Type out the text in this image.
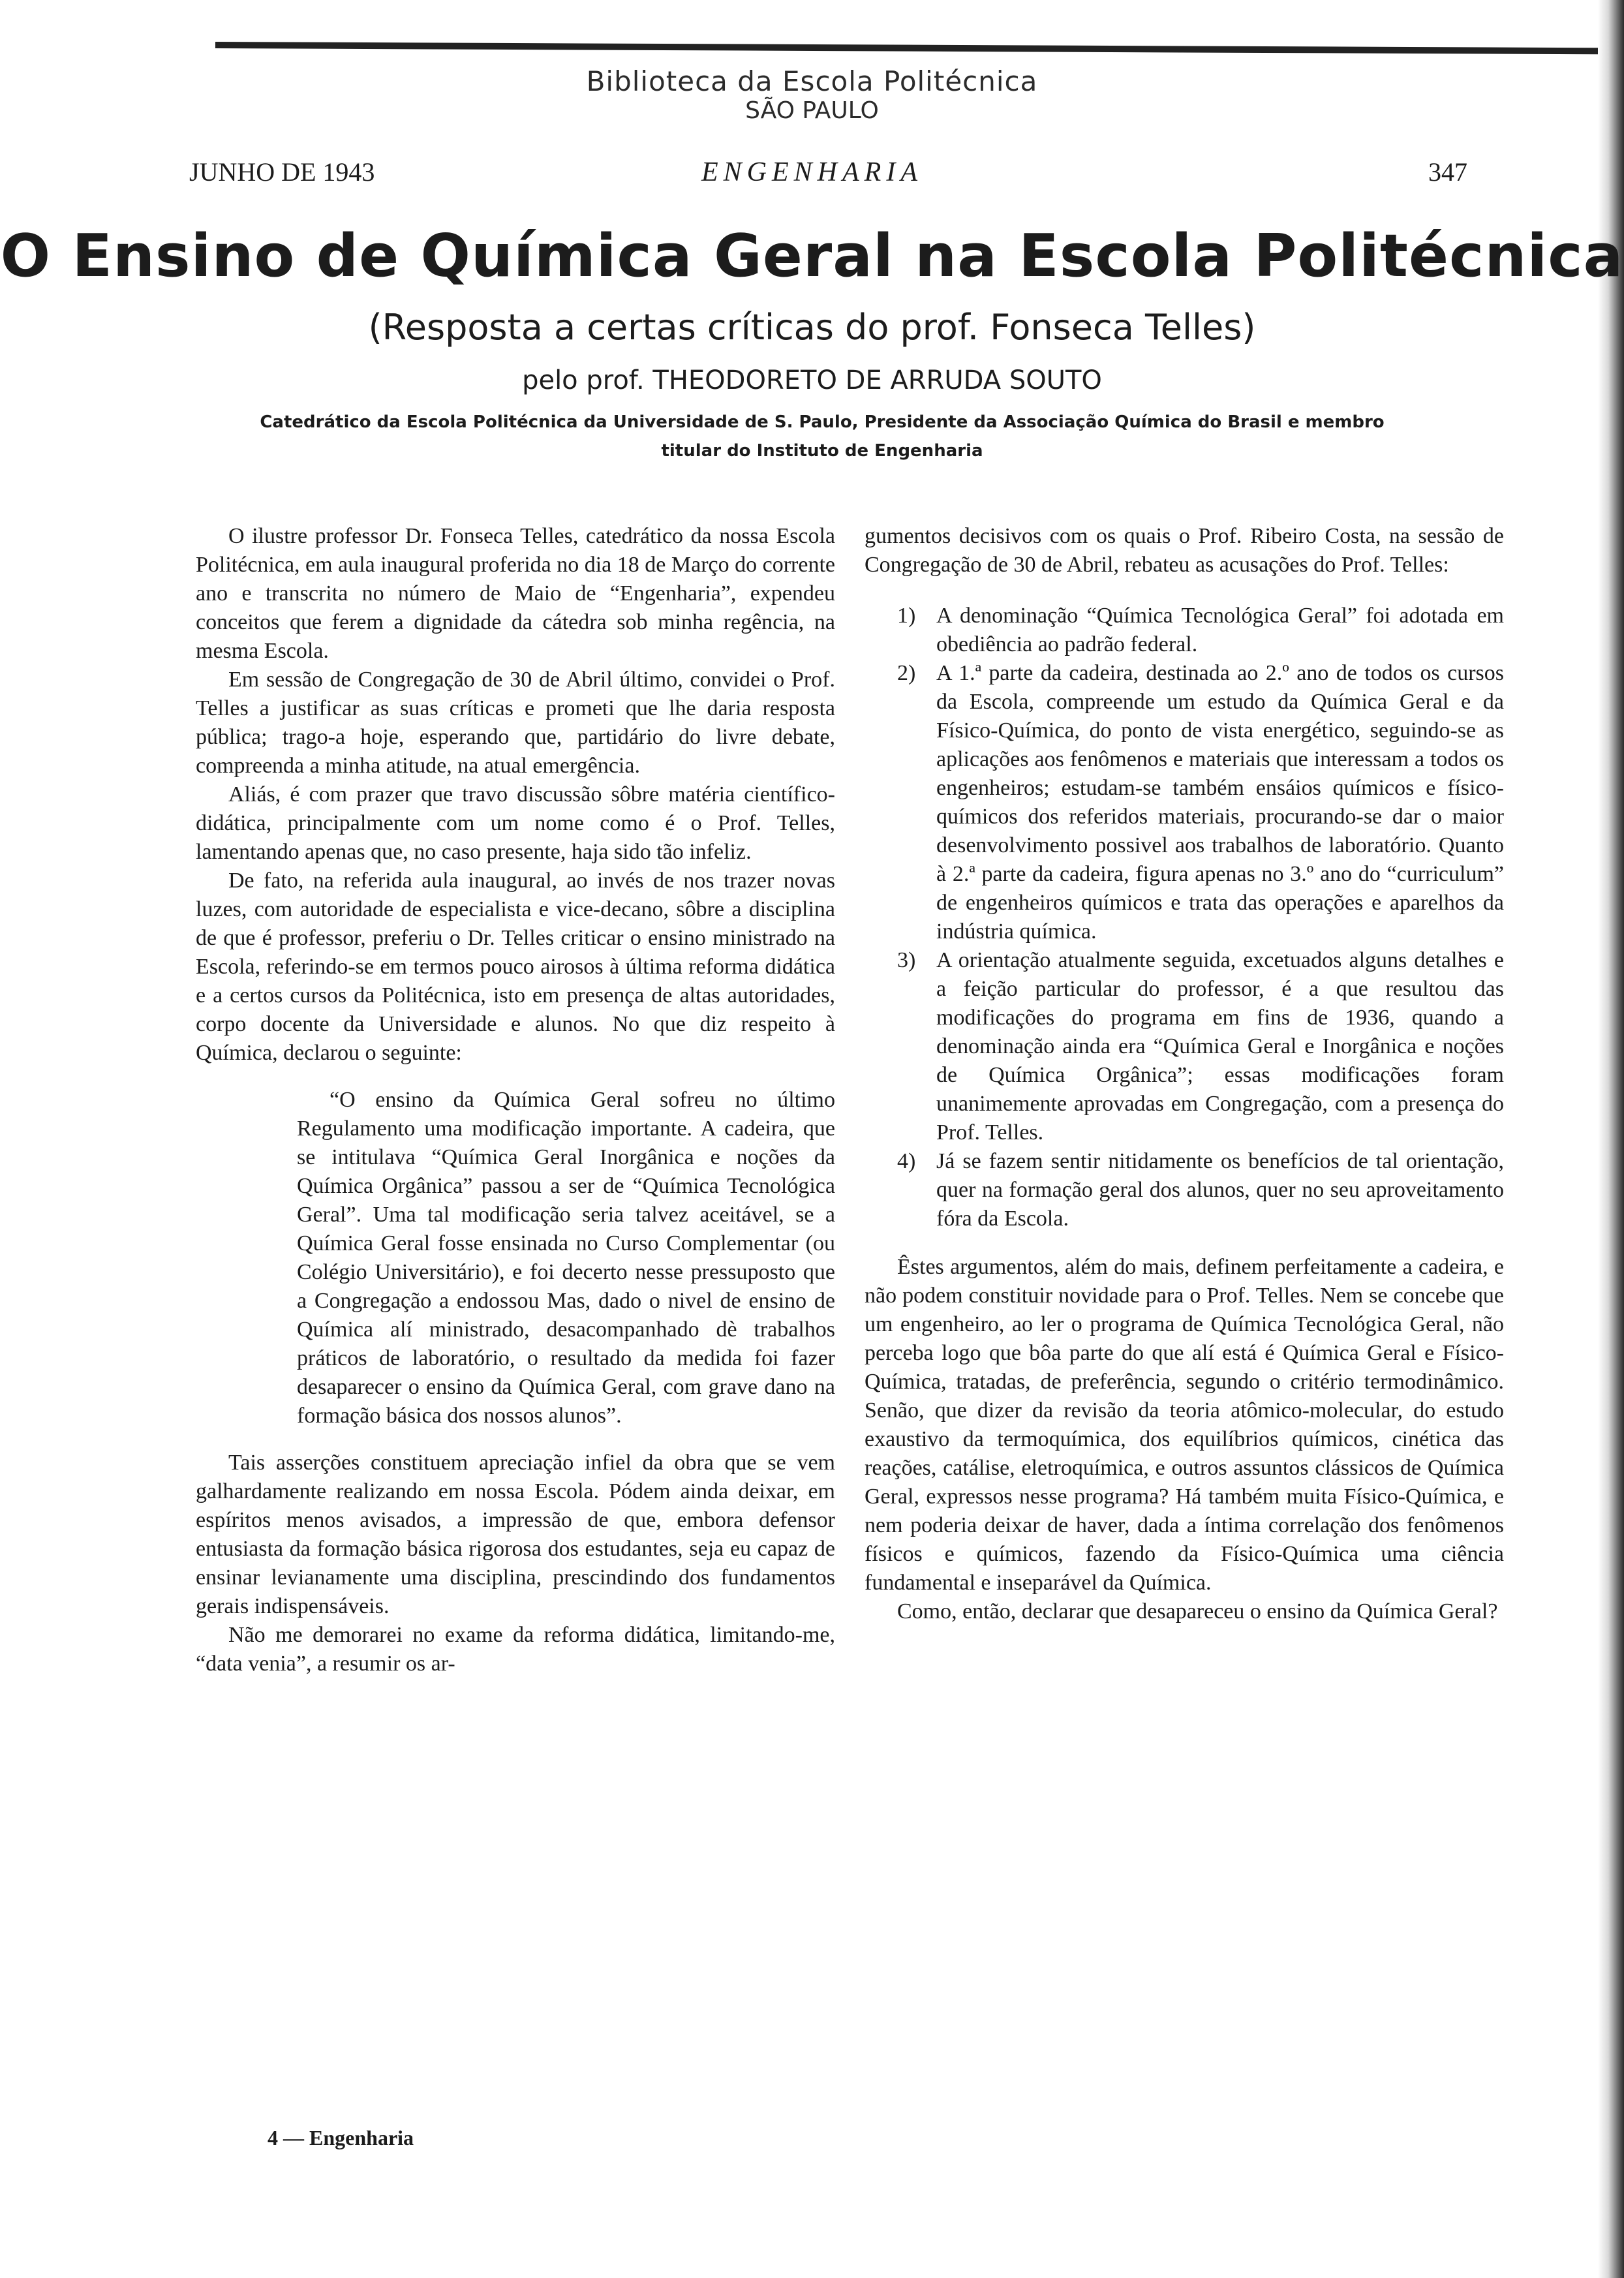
Biblioteca da Escola Politécnica
SÃO PAULO
JUNHO DE 1943	ENGENHARIA	347
O Ensino de Química Geral na Escola Politécnica
(Resposta a certas críticas do prof. Fonseca Telles)
pelo prof. THEODORETO DE ARRUDA SOUTO
Catedrático da Escola Politécnica da Universidade de S. Paulo, Presidente da Associação Química do Brasil e membro titular do Instituto de Engenharia

O ilustre professor Dr. Fonseca Telles, catedrático da nossa Escola Politécnica, em aula inaugural proferida no dia 18 de Março do corrente ano e transcrita no número de Maio de “Engenharia”, expendeu conceitos que ferem a dignidade da cátedra sob minha regência, na mesma Escola.

Em sessão de Congregação de 30 de Abril último, convidei o Prof. Telles a justificar as suas críticas e prometi que lhe daria resposta pública; trago-a hoje, esperando que, partidário do livre debate, compreenda a minha atitude, na atual emergência.

Aliás, é com prazer que travo discussão sôbre matéria científico-didática, principalmente com um nome como é o Prof. Telles, lamentando apenas que, no caso presente, haja sido tão infeliz.

De fato, na referida aula inaugural, ao invés de nos trazer novas luzes, com autoridade de especialista e vice-decano, sôbre a disciplina de que é professor, preferiu o Dr. Telles criticar o ensino ministrado na Escola, referindo-se em termos pouco airosos à última reforma didática e a certos cursos da Politécnica, isto em presença de altas autoridades, corpo docente da Universidade e alunos. No que diz respeito à Química, declarou o seguinte:

“O ensino da Química Geral sofreu no último Regulamento uma modificação importante. A cadeira, que se intitulava “Química Geral Inorgânica e noções da Química Orgânica” passou a ser de “Química Tecnológica Geral”. Uma tal modificação seria talvez aceitável, se a Química Geral fosse ensinada no Curso Complementar (ou Colégio Universitário), e foi decerto nesse pressuposto que a Congregação a endossou Mas, dado o nivel de ensino de Química alí ministrado, desacompanhado dè trabalhos práticos de laboratório, o resultado da medida foi fazer desaparecer o ensino da Química Geral, com grave dano na formação básica dos nossos alunos”.

Tais asserções constituem apreciação infiel da obra que se vem galhardamente realizando em nossa Escola. Pódem ainda deixar, em espíritos menos avisados, a impressão de que, embora defensor entusiasta da formação básica rigorosa dos estudantes, seja eu capaz de ensinar levianamente uma disciplina, prescindindo dos fundamentos gerais indispensáveis.

Não me demorarei no exame da reforma didática, limitando-me, “data venia”, a resumir os ar-

gumentos decisivos com os quais o Prof. Ribeiro Costa, na sessão de Congregação de 30 de Abril, rebateu as acusações do Prof. Telles:

1) A denominação “Química Tecnológica Geral” foi adotada em obediência ao padrão federal.
2) A 1.ª parte da cadeira, destinada ao 2.º ano de todos os cursos da Escola, compreende um estudo da Química Geral e da Físico-Química, do ponto de vista energético, seguindo-se as aplicações aos fenômenos e materiais que interessam a todos os engenheiros; estudam-se também ensáios químicos e físico-químicos dos referidos materiais, procurando-se dar o maior desenvolvimento possivel aos trabalhos de laboratório. Quanto à 2.ª parte da cadeira, figura apenas no 3.º ano do “curriculum” de engenheiros químicos e trata das operações e aparelhos da indústria química.
3) A orientação atualmente seguida, excetuados alguns detalhes e a feição particular do professor, é a que resultou das modificações do programa em fins de 1936, quando a denominação ainda era “Química Geral e Inorgânica e noções de Química Orgânica”; essas modificações foram unanimemente aprovadas em Congregação, com a presença do Prof. Telles.
4) Já se fazem sentir nitidamente os benefícios de tal orientação, quer na formação geral dos alunos, quer no seu aproveitamento fóra da Escola.

Êstes argumentos, além do mais, definem perfeitamente a cadeira, e não podem constituir novidade para o Prof. Telles. Nem se concebe que um engenheiro, ao ler o programa de Química Tecnológica Geral, não perceba logo que bôa parte do que alí está é Química Geral e Físico-Química, tratadas, de preferência, segundo o critério termodinâmico. Senão, que dizer da revisão da teoria atômico-molecular, do estudo exaustivo da termoquímica, dos equilíbrios químicos, cinética das reações, catálise, eletroquímica, e outros assuntos clássicos de Química Geral, expressos nesse programa? Há também muita Físico-Química, e nem poderia deixar de haver, dada a íntima correlação dos fenômenos físicos e químicos, fazendo da Físico-Química uma ciência fundamental e inseparável da Química.

Como, então, declarar que desapareceu o ensino da Química Geral?

4 — Engenharia
